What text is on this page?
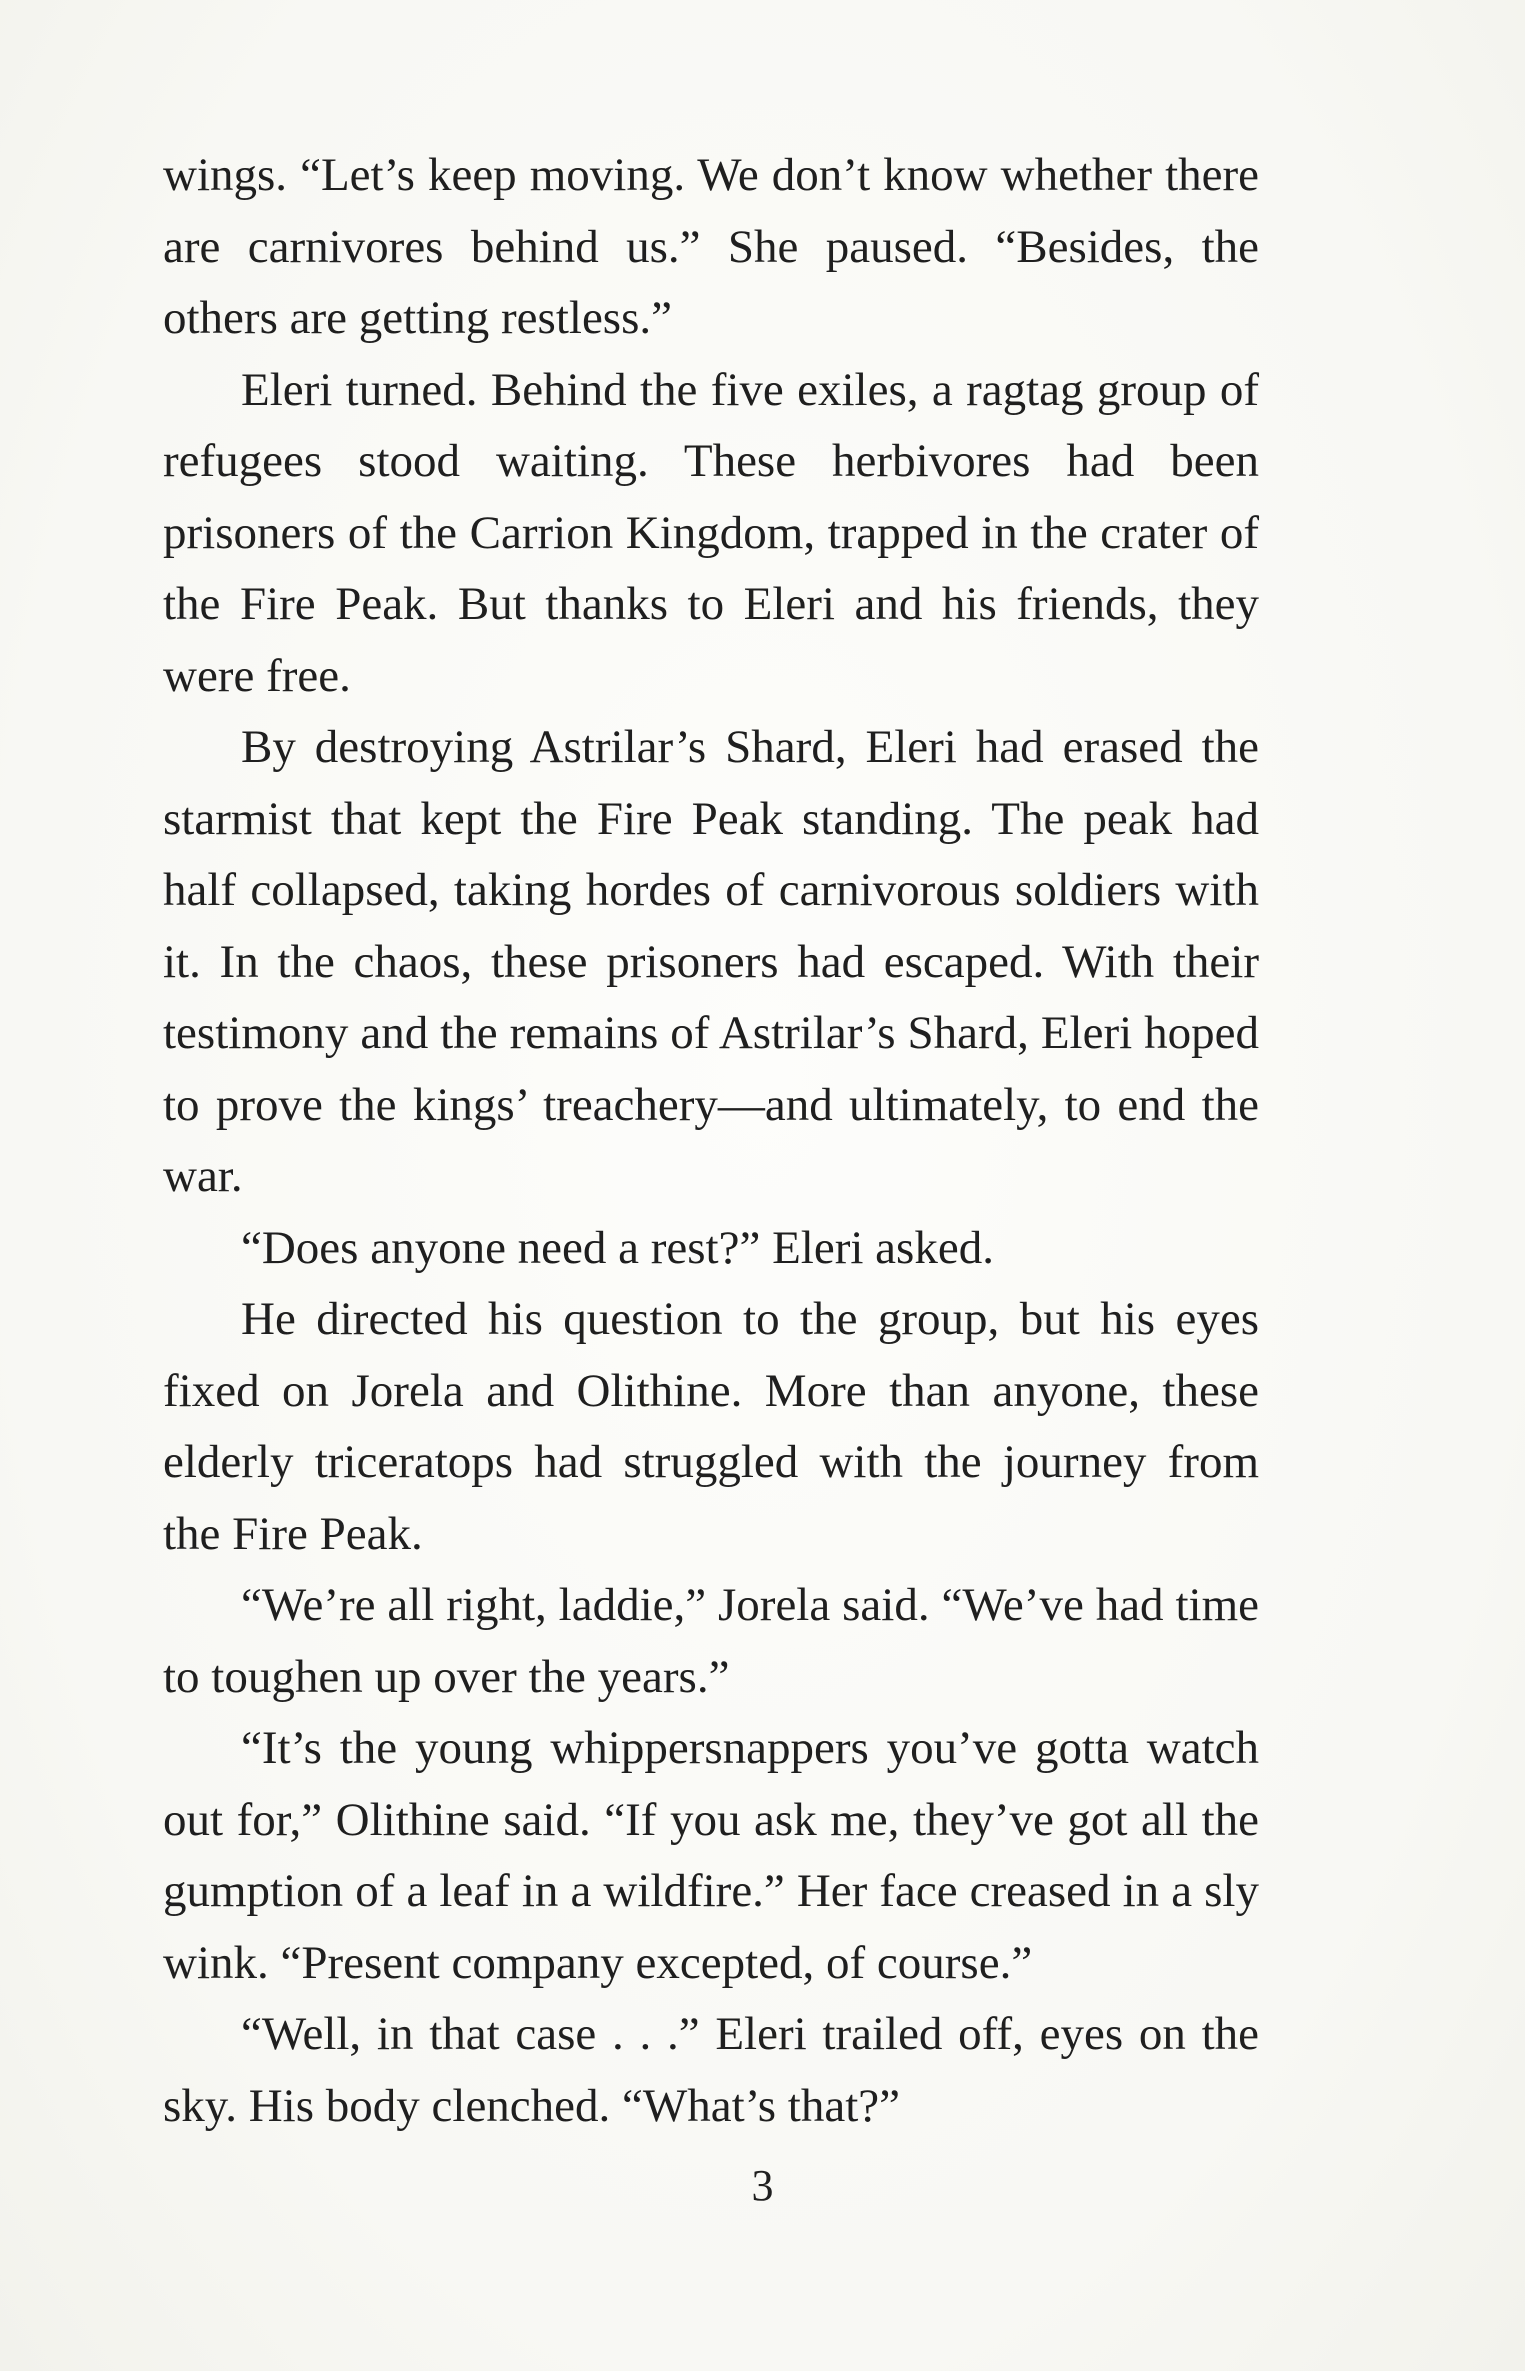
wings. “Let’s keep moving. We don’t know whether there are carnivores behind us.” She paused. “Besides, the others are getting restless.”

Eleri turned. Behind the five exiles, a ragtag group of refugees stood waiting. These herbivores had been prisoners of the Carrion Kingdom, trapped in the crater of the Fire Peak. But thanks to Eleri and his friends, they were free.

By destroying Astrilar’s Shard, Eleri had erased the starmist that kept the Fire Peak standing. The peak had half collapsed, taking hordes of carnivorous soldiers with it. In the chaos, these prisoners had escaped. With their testimony and the remains of Astrilar’s Shard, Eleri hoped to prove the kings’ treachery—and ultimately, to end the war.

“Does anyone need a rest?” Eleri asked.

He directed his question to the group, but his eyes fixed on Jorela and Olithine. More than anyone, these elderly triceratops had struggled with the journey from the Fire Peak.

“We’re all right, laddie,” Jorela said. “We’ve had time to toughen up over the years.”

“It’s the young whippersnappers you’ve gotta watch out for,” Olithine said. “If you ask me, they’ve got all the gumption of a leaf in a wildfire.” Her face creased in a sly wink. “Present company excepted, of course.”

“Well, in that case . . .” Eleri trailed off, eyes on the sky. His body clenched. “What’s that?”

3
